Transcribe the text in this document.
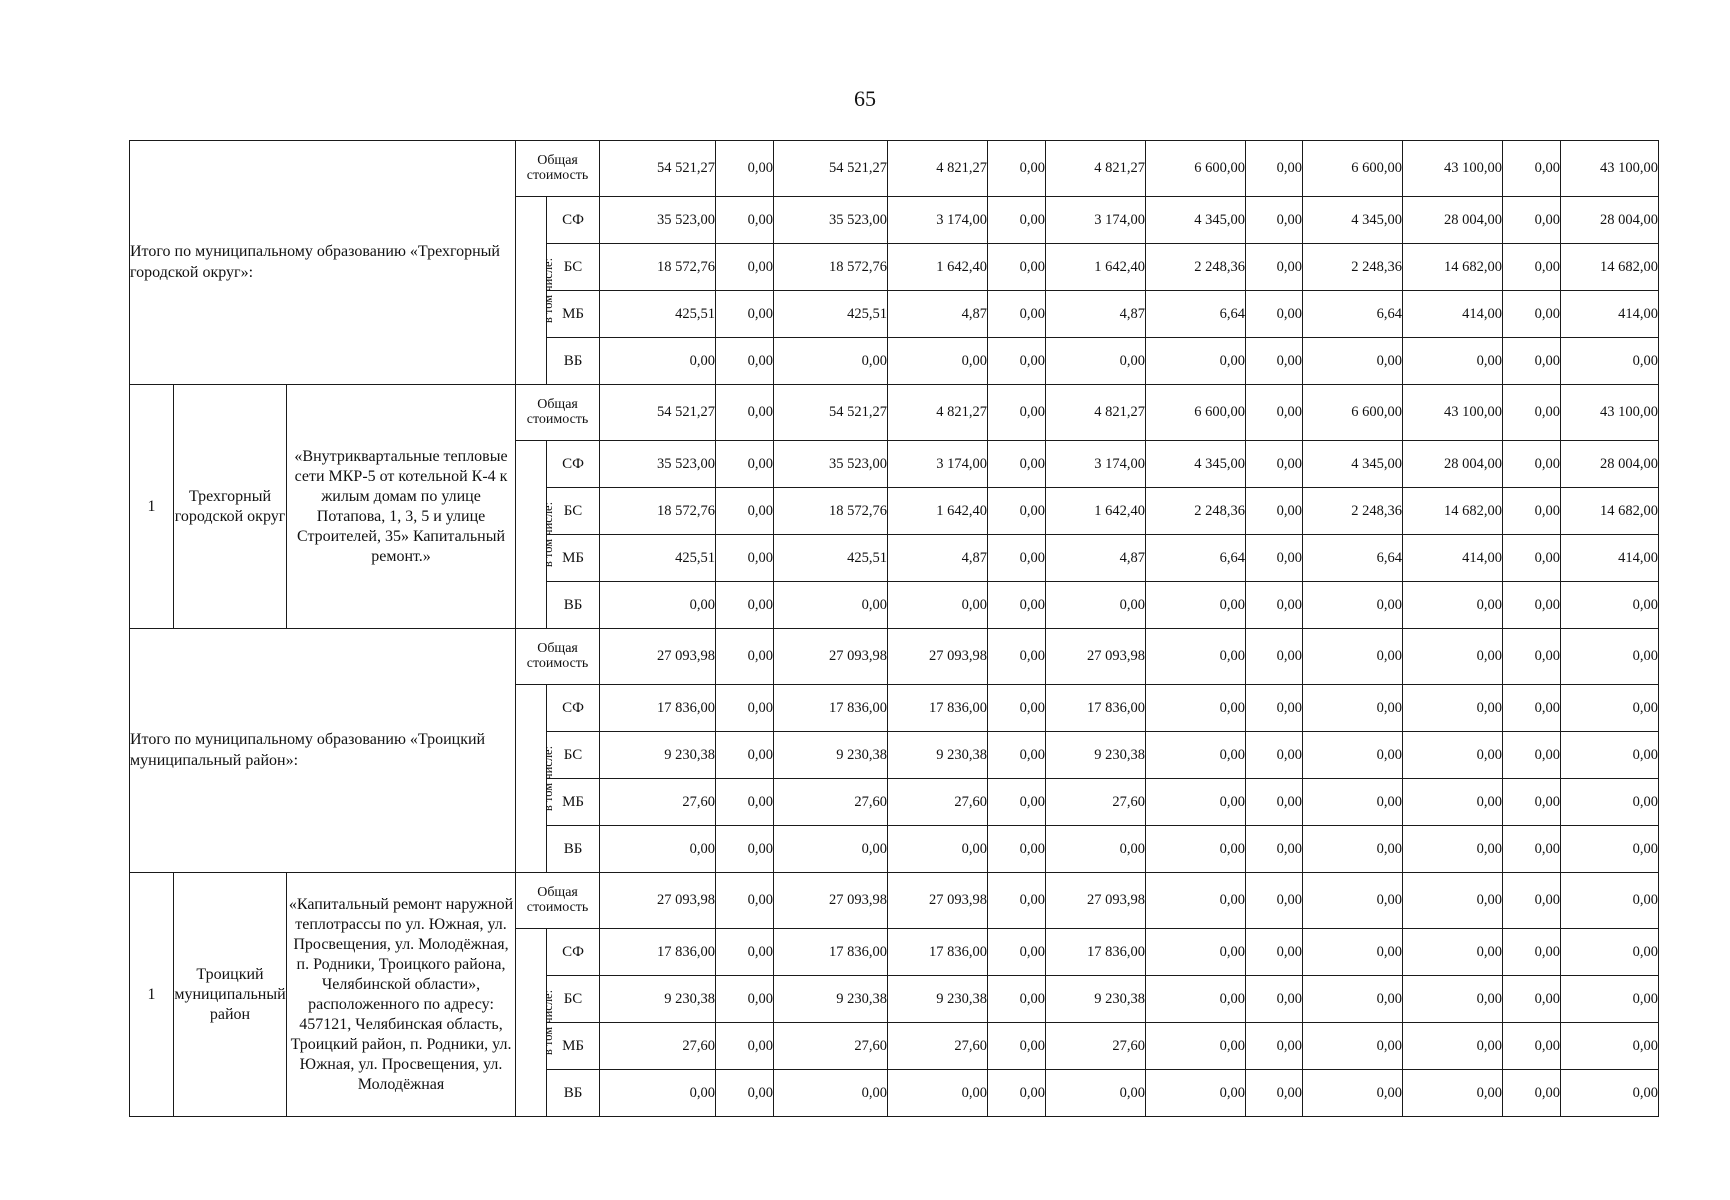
65
Итого по муниципальному образованию «Трехгорный городской округ»:			Общая стоимость		54 521,27	0,00	54 521,27	4 821,27	0,00	4 821,27	6 600,00	0,00	6 600,00	43 100,00	0,00	43 100,00
			в том числе:	СФ	35 523,00	0,00	35 523,00	3 174,00	0,00	3 174,00	4 345,00	0,00	4 345,00	28 004,00	0,00	28 004,00
				БС	18 572,76	0,00	18 572,76	1 642,40	0,00	1 642,40	2 248,36	0,00	2 248,36	14 682,00	0,00	14 682,00
				МБ	425,51	0,00	425,51	4,87	0,00	4,87	6,64	0,00	6,64	414,00	0,00	414,00
				ВБ	0,00	0,00	0,00	0,00	0,00	0,00	0,00	0,00	0,00	0,00	0,00	0,00
1	Трехгорный городской округ	«Внутриквартальные тепловые сети МКР-5 от котельной К-4 к жилым домам по улице Потапова, 1, 3, 5 и улице Строителей, 35» Капитальный ремонт.»	Общая стоимость		54 521,27	0,00	54 521,27	4 821,27	0,00	4 821,27	6 600,00	0,00	6 600,00	43 100,00	0,00	43 100,00
			в том числе:	СФ	35 523,00	0,00	35 523,00	3 174,00	0,00	3 174,00	4 345,00	0,00	4 345,00	28 004,00	0,00	28 004,00
				БС	18 572,76	0,00	18 572,76	1 642,40	0,00	1 642,40	2 248,36	0,00	2 248,36	14 682,00	0,00	14 682,00
				МБ	425,51	0,00	425,51	4,87	0,00	4,87	6,64	0,00	6,64	414,00	0,00	414,00
				ВБ	0,00	0,00	0,00	0,00	0,00	0,00	0,00	0,00	0,00	0,00	0,00	0,00
Итого по муниципальному образованию «Троицкий муниципальный район»:			Общая стоимость		27 093,98	0,00	27 093,98	27 093,98	0,00	27 093,98	0,00	0,00	0,00	0,00	0,00	0,00
			в том числе:	СФ	17 836,00	0,00	17 836,00	17 836,00	0,00	17 836,00	0,00	0,00	0,00	0,00	0,00	0,00
				БС	9 230,38	0,00	9 230,38	9 230,38	0,00	9 230,38	0,00	0,00	0,00	0,00	0,00	0,00
				МБ	27,60	0,00	27,60	27,60	0,00	27,60	0,00	0,00	0,00	0,00	0,00	0,00
				ВБ	0,00	0,00	0,00	0,00	0,00	0,00	0,00	0,00	0,00	0,00	0,00	0,00
1	Троицкий муниципальный район	«Капитальный ремонт наружной теплотрассы по ул. Южная, ул. Просвещения, ул. Молодёжная, п. Родники, Троицкого района, Челябинской области», расположенного по адресу: 457121, Челябинская область, Троицкий район, п. Родники, ул. Южная, ул. Просвещения, ул. Молодёжная	Общая стоимость		27 093,98	0,00	27 093,98	27 093,98	0,00	27 093,98	0,00	0,00	0,00	0,00	0,00	0,00
			в том числе:	СФ	17 836,00	0,00	17 836,00	17 836,00	0,00	17 836,00	0,00	0,00	0,00	0,00	0,00	0,00
				БС	9 230,38	0,00	9 230,38	9 230,38	0,00	9 230,38	0,00	0,00	0,00	0,00	0,00	0,00
				МБ	27,60	0,00	27,60	27,60	0,00	27,60	0,00	0,00	0,00	0,00	0,00	0,00
				ВБ	0,00	0,00	0,00	0,00	0,00	0,00	0,00	0,00	0,00	0,00	0,00	0,00
